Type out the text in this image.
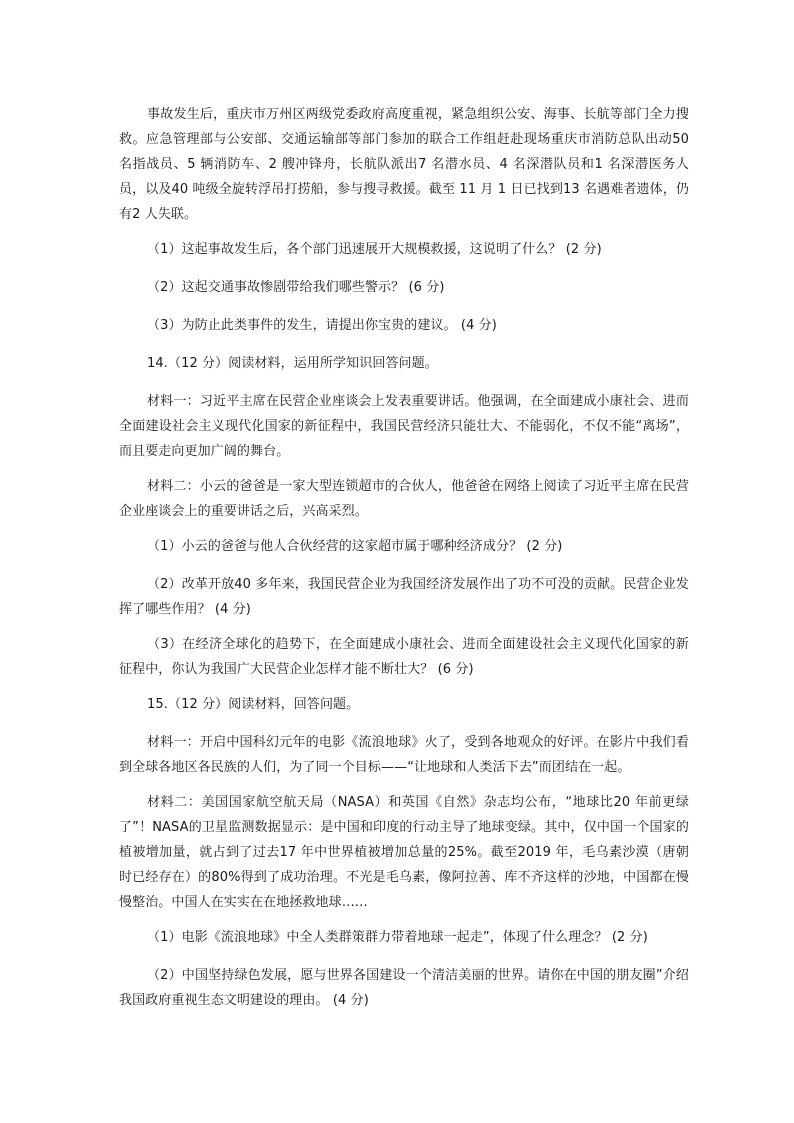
事故发生后，重庆市万州区两级党委政府高度重视，紧急组织公安、海事、长航等部门全力搜救。应急管理部与公安部、交通运输部等部门参加的联合工作组赶赴现场重庆市消防总队出动50 名指战员、5 辆消防车、2 艘冲锋舟，长航队派出7 名潜水员、4 名深潜队员和1 名深潜医务人员，以及40 吨级全旋转浮吊打捞船，参与搜寻救援。截至 11 月 1 日已找到13 名遇难者遗体，仍有2 人失联。

（1）这起事故发生后，各个部门迅速展开大规模救援，这说明了什么？ (2 分)

（2）这起交通事故惨剧带给我们哪些警示？ (6 分)

（3）为防止此类事件的发生，请提出你宝贵的建议。 (4 分)

14.（12 分）阅读材料，运用所学知识回答问题。

材料一：习近平主席在民营企业座谈会上发表重要讲话。他强调，在全面建成小康社会、进而全面建设社会主义现代化国家的新征程中，我国民营经济只能壮大、不能弱化，不仅不能“离场”，而且要走向更加广阔的舞台。

材料二：小云的爸爸是一家大型连锁超市的合伙人，他爸爸在网络上阅读了习近平主席在民营企业座谈会上的重要讲话之后，兴高采烈。

（1）小云的爸爸与他人合伙经营的这家超市属于哪种经济成分？ (2 分)

（2）改革开放40 多年来，我国民营企业为我国经济发展作出了功不可没的贡献。民营企业发挥了哪些作用？ (4 分)

（3）在经济全球化的趋势下，在全面建成小康社会、进而全面建设社会主义现代化国家的新征程中，你认为我国广大民营企业怎样才能不断壮大？ (6 分)

15.（12 分）阅读材料，回答问题。

材料一：开启中国科幻元年的电影《流浪地球》火了，受到各地观众的好评。在影片中我们看到全球各地区各民族的人们，为了同一个目标——“让地球和人类活下去”而团结在一起。

材料二：美国国家航空航天局（NASA）和英国《自然》杂志均公布，“地球比20 年前更绿了”！NASA的卫星监测数据显示：是中国和印度的行动主导了地球变绿。其中，仅中国一个国家的植被增加量，就占到了过去17 年中世界植被增加总量的25%。截至2019 年，毛乌素沙漠（唐朝时已经存在）的80%得到了成功治理。不光是毛乌素，像阿拉善、库不齐这样的沙地，中国都在慢慢整治。中国人在实实在在地拯救地球……

（1）电影《流浪地球》中全人类群策群力带着地球一起走”，体现了什么理念？ (2 分)

（2）中国坚持绿色发展，愿与世界各国建设一个清洁美丽的世界。请你在中国的朋友圈”介绍我国政府重视生态文明建设的理由。 (4 分)
